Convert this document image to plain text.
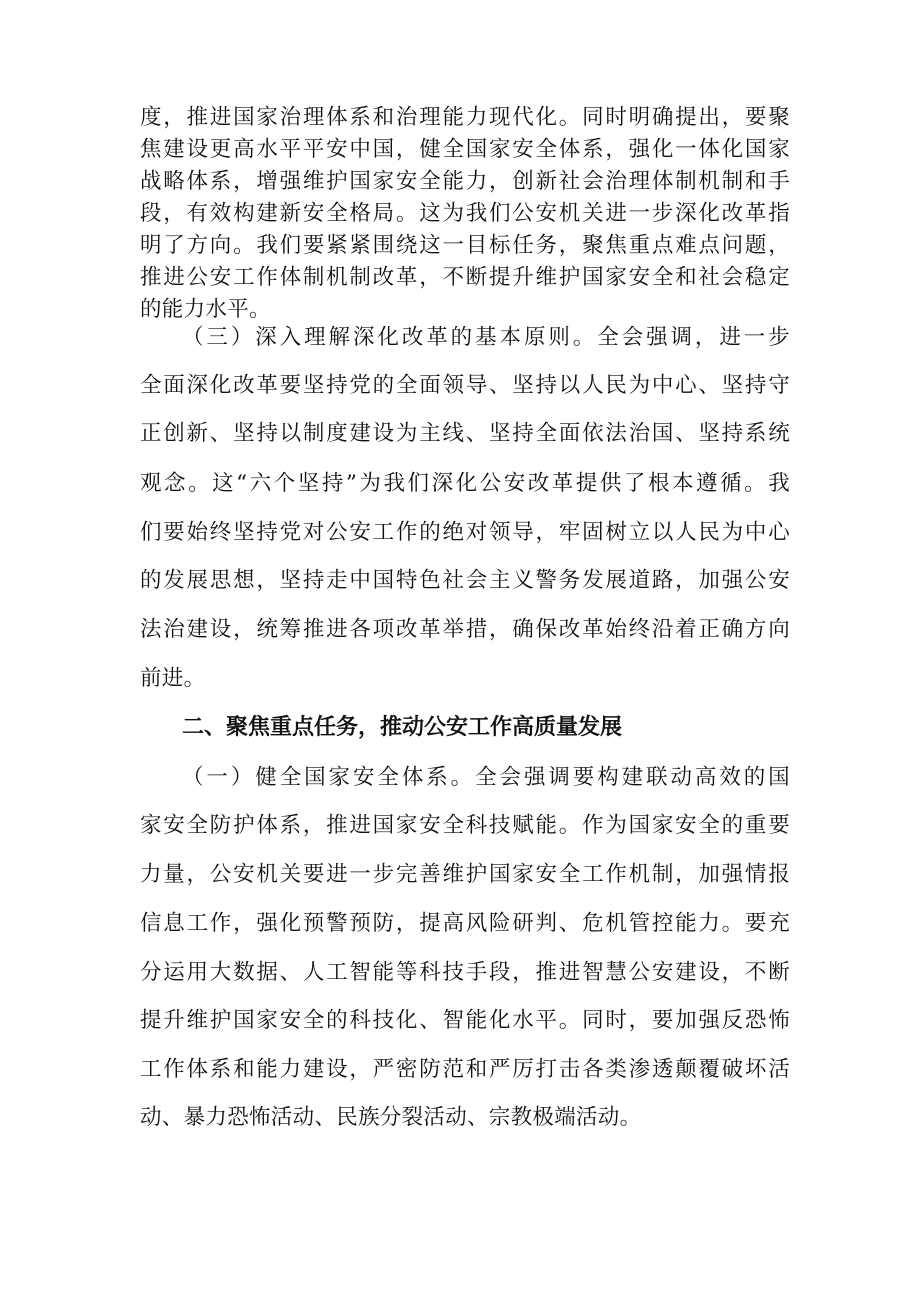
度，推进国家治理体系和治理能力现代化。同时明确提出，要聚
焦建设更高水平平安中国，健全国家安全体系，强化一体化国家
战略体系，增强维护国家安全能力，创新社会治理体制机制和手
段，有效构建新安全格局。这为我们公安机关进一步深化改革指
明了方向。我们要紧紧围绕这一目标任务，聚焦重点难点问题，
推进公安工作体制机制改革，不断提升维护国家安全和社会稳定
的能力水平。
（三）深入理解深化改革的基本原则。全会强调，进一步
全面深化改革要坚持党的全面领导、坚持以人民为中心、坚持守
正创新、坚持以制度建设为主线、坚持全面依法治国、坚持系统
观念。这“六个坚持”为我们深化公安改革提供了根本遵循。我
们要始终坚持党对公安工作的绝对领导，牢固树立以人民为中心
的发展思想，坚持走中国特色社会主义警务发展道路，加强公安
法治建设，统筹推进各项改革举措，确保改革始终沿着正确方向
前进。
二、聚焦重点任务，推动公安工作高质量发展
（一）健全国家安全体系。全会强调要构建联动高效的国
家安全防护体系，推进国家安全科技赋能。作为国家安全的重要
力量，公安机关要进一步完善维护国家安全工作机制，加强情报
信息工作，强化预警预防，提高风险研判、危机管控能力。要充
分运用大数据、人工智能等科技手段，推进智慧公安建设，不断
提升维护国家安全的科技化、智能化水平。同时，要加强反恐怖
工作体系和能力建设，严密防范和严厉打击各类渗透颠覆破坏活
动、暴力恐怖活动、民族分裂活动、宗教极端活动。
